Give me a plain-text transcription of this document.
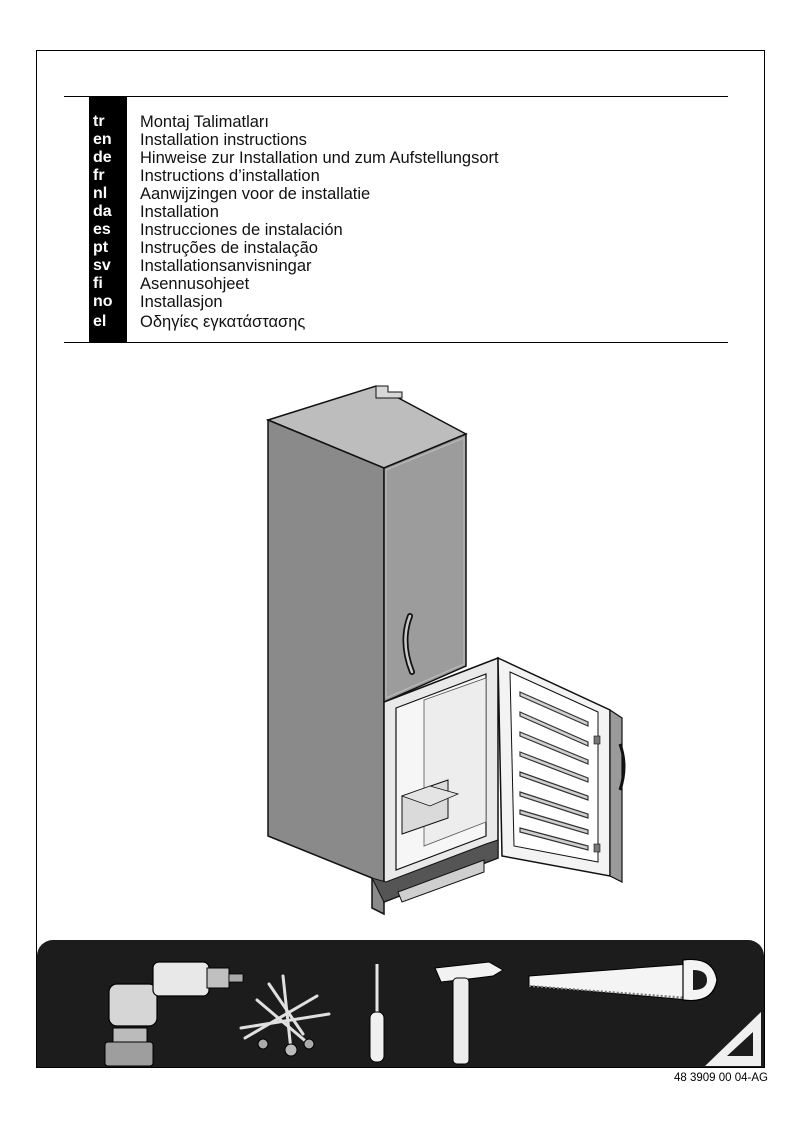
tr	Montaj Talimatları
en	Installation instructions
de	Hinweise zur Installation und zum Aufstellungsort
fr	Instructions d’installation
nl	Aanwijzingen voor de installatie
da	Installation
es	Instrucciones de instalación
pt	Instruções de instalação
sv	Installationsanvisningar
fi	Asennusohjeet
no	Installasjon
el	Οδηγίες εγκατάστασης
48 3909 00 04-AG
